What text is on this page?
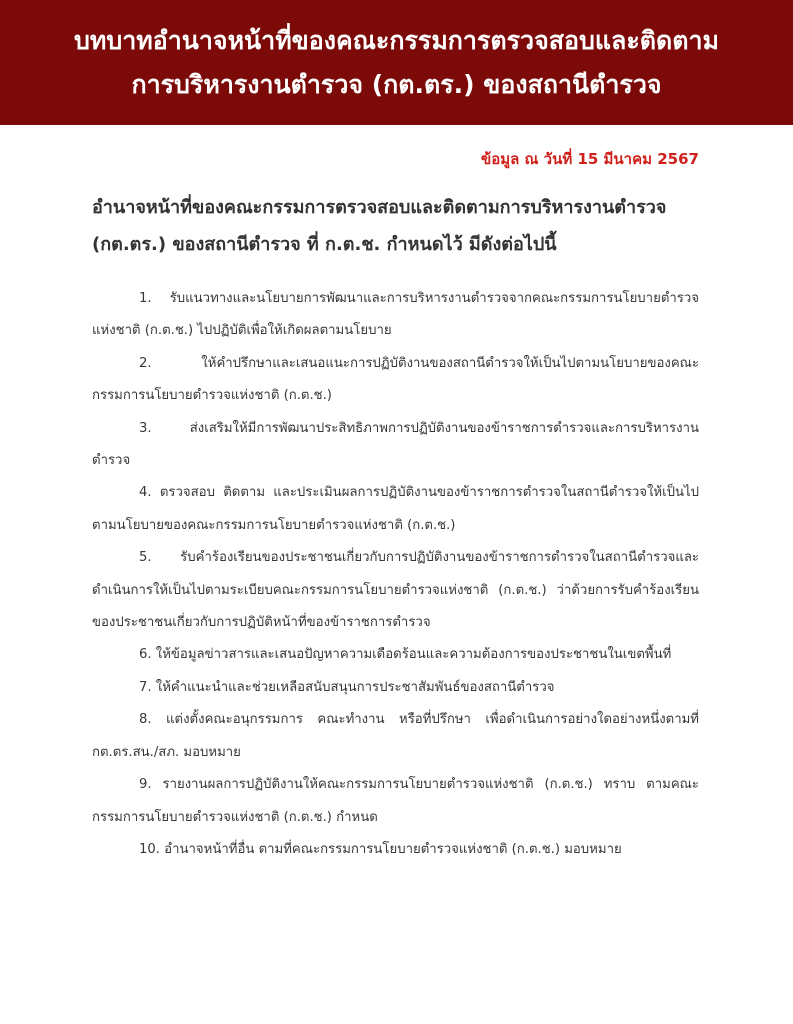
บทบาทอำนาจหน้าที่ของคณะกรรมการตรวจสอบและติดตาม
การบริหารงานตำรวจ (กต.ตร.) ของสถานีตำรวจ
ข้อมูล ณ วันที่ 15 มีนาคม 2567
อำนาจหน้าที่ของคณะกรรมการตรวจสอบและติดตามการบริหารงานตำรวจ (กต.ตร.) ของสถานีตำรวจ ที่ ก.ต.ช. กำหนดไว้ มีดังต่อไปนี้
1. รับแนวทางและนโยบายการพัฒนาและการบริหารงานตำรวจจากคณะกรรมการนโยบายตำรวจแห่งชาติ (ก.ต.ช.) ไปปฏิบัติเพื่อให้เกิดผลตามนโยบาย
2. ให้คำปรึกษาและเสนอแนะการปฏิบัติงานของสถานีตำรวจให้เป็นไปตามนโยบายของคณะกรรมการนโยบายตำรวจแห่งชาติ (ก.ต.ช.)
3. ส่งเสริมให้มีการพัฒนาประสิทธิภาพการปฏิบัติงานของข้าราชการตำรวจและการบริหารงานตำรวจ
4. ตรวจสอบ ติดตาม และประเมินผลการปฏิบัติงานของข้าราชการตำรวจในสถานีตำรวจให้เป็นไปตามนโยบายของคณะกรรมการนโยบายตำรวจแห่งชาติ (ก.ต.ช.)
5. รับคำร้องเรียนของประชาชนเกี่ยวกับการปฏิบัติงานของข้าราชการตำรวจในสถานีตำรวจและดำเนินการให้เป็นไปตามระเบียบคณะกรรมการนโยบายตำรวจแห่งชาติ (ก.ต.ช.) ว่าด้วยการรับคำร้องเรียนของประชาชนเกี่ยวกับการปฏิบัติหน้าที่ของข้าราชการตำรวจ
6. ให้ข้อมูลข่าวสารและเสนอปัญหาความเดือดร้อนและความต้องการของประชาชนในเขตพื้นที่
7. ให้คำแนะนำและช่วยเหลือสนับสนุนการประชาสัมพันธ์ของสถานีตำรวจ
8. แต่งตั้งคณะอนุกรรมการ คณะทำงาน หรือที่ปรึกษา เพื่อดำเนินการอย่างใดอย่างหนึ่งตามที่ กต.ตร.สน./สภ. มอบหมาย
9. รายงานผลการปฏิบัติงานให้คณะกรรมการนโยบายตำรวจแห่งชาติ (ก.ต.ช.) ทราบ ตามคณะกรรมการนโยบายตำรวจแห่งชาติ (ก.ต.ช.) กำหนด
10. อำนาจหน้าที่อื่น ตามที่คณะกรรมการนโยบายตำรวจแห่งชาติ (ก.ต.ช.) มอบหมาย
